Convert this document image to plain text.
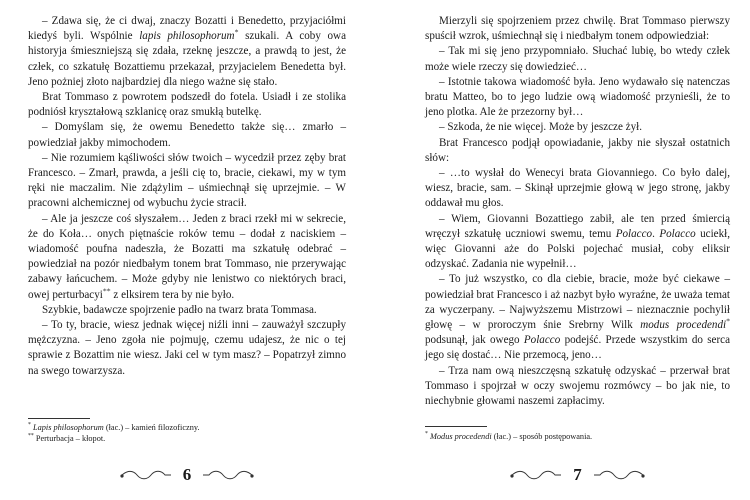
– Zdawa się, że ci dwaj, znaczy Bozatti i Benedetto, przyjaciółmi kiedyś byli. Wspólnie lapis philosophorum* szukali. A coby owa historyja śmieszniejszą się zdała, rzeknę jeszcze, a prawdą to jest, że człek, co szkatułę Bozattiemu przekazał, przyjacielem Benedetta był. Jeno pożniej złoto najbardziej dla niego ważne się stało.

Brat Tommaso z powrotem podszedł do fotela. Usiadł i ze stolika podniósł kryształową szklanicę oraz smukłą butelkę.

– Domyślam się, że owemu Benedetto także się… zmarło – powiedział jakby mimochodem.

– Nie rozumiem kąśliwości słów twoich – wycedził przez zęby brat Francesco. – Zmarł, prawda, a jeśli cię to, bracie, ciekawi, my w tym ręki nie maczalim. Nie zdążylim – uśmiechnął się uprzejmie. – W pracowni alchemicznej od wybuchu życie stracił.

– Ale ja jeszcze coś słyszałem… Jeden z braci rzekł mi w sekrecie, że do Koła… onych piętnaście roków temu – dodał z naciskiem – wiadomość poufna nadeszła, że Bozatti ma szkatułę odebrać – powiedział na pozór niedbałym tonem brat Tommaso, nie przerywając zabawy łańcuchem. – Może gdyby nie lenistwo co niektórych braci, owej perturbacyi** z elksirem tera by nie było.

Szybkie, badawcze spojrzenie padło na twarz brata Tommasa.

– To ty, bracie, wiesz jednak więcej niźli inni – zauważył szczupły mężczyzna. – Jeno zgoła nie pojmuję, czemu udajesz, że nic o tej sprawie z Bozattim nie wiesz. Jaki cel w tym masz? – Popatrzył zimno na swego towarzysza.

* Lapis philosophorum (łac.) – kamień filozoficzny.

** Perturbacja – kłopot.

6

Mierzyli się spojrzeniem przez chwilę. Brat Tommaso pierwszy spuścił wzrok, uśmiechnął się i niedbałym tonem odpowiedział:

– Tak mi się jeno przypomniało. Słuchać lubię, bo wtedy człek może wiele rzeczy się dowiedzieć…

– Istotnie takowa wiadomość była. Jeno wydawało się natenczas bratu Matteo, bo to jego ludzie ową wiadomość przynieśli, że to jeno plotka. Ale że przezorny był…

– Szkoda, że nie więcej. Może by jeszcze żył.

Brat Francesco podjął opowiadanie, jakby nie słyszał ostatnich słów:

– …to wysłał do Wenecyi brata Giovanniego. Co było dalej, wiesz, bracie, sam. – Skinął uprzejmie głową w jego stronę, jakby oddawał mu głos.

– Wiem, Giovanni Bozattiego zabił, ale ten przed śmiercią wręczył szkatułę uczniowi swemu, temu Polacco. Polacco uciekł, więc Giovanni aże do Polski pojechać musiał, coby eliksir odzyskać. Zadania nie wypełnił…

– To już wszystko, co dla ciebie, bracie, może być ciekawe – powiedział brat Francesco i aż nazbyt było wyraźne, że uważa temat za wyczerpany. – Najwyższemu Mistrzowi – nieznacznie pochylił głowę – w proroczym śnie Srebrny Wilk modus procedendi* podsunął, jak owego Polacco podejść. Przede wszystkim do serca jego się dostać… Nie przemocą, jeno…

– Trza nam ową nieszczęsną szkatułę odzyskać – przerwał brat Tommaso i spojrzał w oczy swojemu rozmówcy – bo jak nie, to niechybnie głowami naszemi zapłacimy.

* Modus procedendi (łac.) – sposób postępowania.

7
